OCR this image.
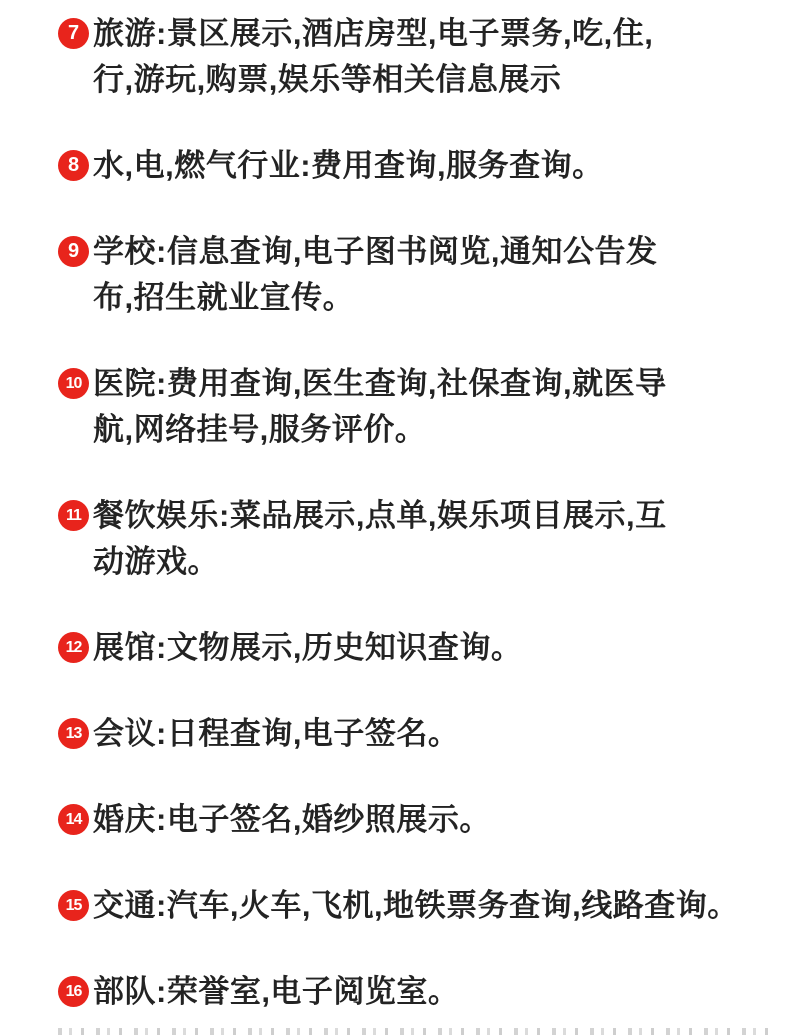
7 旅游:景区展示,酒店房型,电子票务,吃,住,
行,游玩,购票,娱乐等相关信息展示
8 水,电,燃气行业:费用查询,服务查询。
9 学校:信息查询,电子图书阅览,通知公告发
布,招生就业宣传。
10 医院:费用查询,医生查询,社保查询,就医导
航,网络挂号,服务评价。
11 餐饮娱乐:菜品展示,点单,娱乐项目展示,互
动游戏。
12 展馆:文物展示,历史知识查询。
13 会议:日程查询,电子签名。
14 婚庆:电子签名,婚纱照展示。
15 交通:汽车,火车,飞机,地铁票务查询,线路查询。
16 部队:荣誉室,电子阅览室。
